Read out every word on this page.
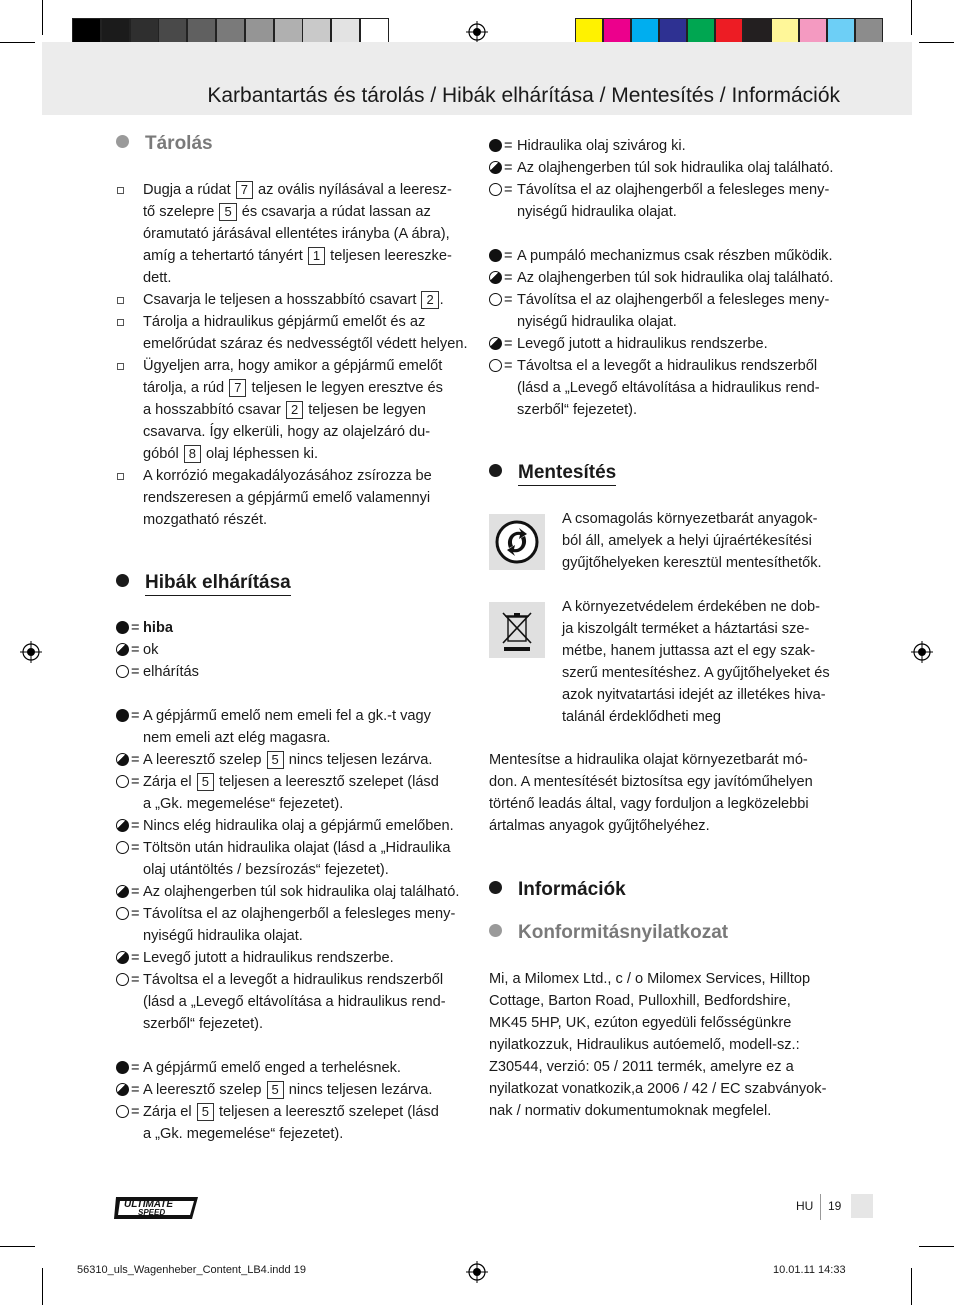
Karbantartás és tárolás / Hibák elhárítása / Mentesítés / Információk
Tárolás
Dugja a rúdat 7 az ovális nyílásával a leeresz-
tő szelepre 5 és csavarja a rúdat lassan az
óramutató járásával ellentétes irányba (A ábra),
amíg a tehertartó tányért 1 teljesen leereszke-
dett.
Csavarja le teljesen a hosszabbító csavart 2 .
Tárolja a hidraulikus gépjármű emelőt és az
emelőrúdat száraz és nedvességtől védett helyen.
Ügyeljen arra, hogy amikor a gépjármű emelőt
tárolja, a rúd 7 teljesen le legyen eresztve és
a hosszabbító csavar 2 teljesen be legyen
csavarva. Így elkerüli, hogy az olajelzáró du-
góból 8 olaj léphessen ki.
A korrózió megakadályozásához zsírozza be
rendszeresen a gépjármű emelő valamennyi
mozgatható részét.
Hibák elhárítása
= hiba
= ok
= elhárítás
= A gépjármű emelő nem emeli fel a gk.-t vagy
nem emeli azt elég magasra.
= A leeresztő szelep 5 nincs teljesen lezárva.
= Zárja el 5 teljesen a leeresztő szelepet (lásd
a „Gk. megemelése“ fejezetet).
= Nincs elég hidraulika olaj a gépjármű emelőben.
= Töltsön után hidraulika olajat (lásd a „Hidraulika
olaj utántöltés / bezsírozás“ fejezetet).
= Az olajhengerben túl sok hidraulika olaj található.
= Távolítsa el az olajhengerből a felesleges meny-
nyiségű hidraulika olajat.
= Levegő jutott a hidraulikus rendszerbe.
= Távoltsa el a levegőt a hidraulikus rendszerből
(lásd a „Levegő eltávolítása a hidraulikus rend-
szerből“ fejezetet).
= A gépjármű emelő enged a terhelésnek.
= A leeresztő szelep 5 nincs teljesen lezárva.
= Zárja el 5 teljesen a leeresztő szelepet (lásd
a „Gk. megemelése“ fejezetet).
= Hidraulika olaj szivárog ki.
= Az olajhengerben túl sok hidraulika olaj található.
= Távolítsa el az olajhengerből a felesleges meny-
nyiségű hidraulika olajat.
= A pumpáló mechanizmus csak részben működik.
= Az olajhengerben túl sok hidraulika olaj található.
= Távolítsa el az olajhengerből a felesleges meny-
nyiségű hidraulika olajat.
= Levegő jutott a hidraulikus rendszerbe.
= Távoltsa el a levegőt a hidraulikus rendszerből
(lásd a „Levegő eltávolítása a hidraulikus rend-
szerből“ fejezetet).
Mentesítés
A csomagolás környezetbarát anyagok-
ból áll, amelyek a helyi újraértékesítési
gyűjtőhelyeken keresztül mentesíthetők.
A környezetvédelem érdekében ne dob-
ja kiszolgált terméket a háztartási sze-
métbe, hanem juttassa azt el egy szak-
szerű mentesítéshez. A gyűjtőhelyeket és
azok nyitvatartási idejét az illetékes hiva-
talánál érdeklődheti meg
Mentesítse a hidraulika olajat környezetbarát mó-
don. A mentesítését biztosítsa egy javítóműhelyen
történő leadás által, vagy forduljon a legközelebbi
ártalmas anyagok gyűjtőhelyéhez.
Információk
Konformitásnyilatkozat
Mi, a Milomex Ltd., c / o Milomex Services, Hilltop
Cottage, Barton Road, Pulloxhill, Bedfordshire,
MK45 5HP, UK, ezúton egyedüli felősségünkre
nyilatkozzuk, Hidraulikus autóemelő, modell-sz.:
Z30544, verzió: 05 / 2011 termék, amelyre ez a
nyilatkozat vonatkozik,a 2006 / 42 / EC szabványok-
nak / normativ dokumentumoknak megfelel.
ULTIMATE
SPEED	HU 19
56310_uls_Wagenheber_Content_LB4.indd 19	10.01.11 14:33
